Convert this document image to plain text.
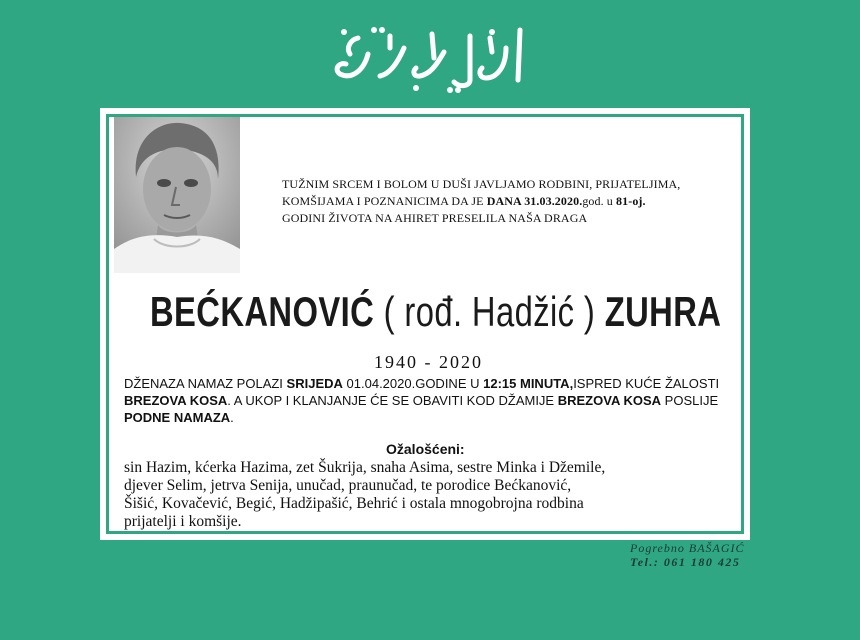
TUŽNIM SRCEM I BOLOM U DUŠI JAVLJAMO RODBINI, PRIJATELJIMA,
KOMŠIJAMA I POZNANICIMA DA JE DANA 31.03.2020.god. u 81-oj.
GODINI ŽIVOTA NA AHIRET PRESELILA NAŠA DRAGA
BEĆKANOVIĆ ( rođ. Hadžić ) ZUHRA
1940 - 2020
DŽENAZA NAMAZ POLAZI SRIJEDA 01.04.2020.GODINE U 12:15 MINUTA,ISPRED KUĆE ŽALOSTI BREZOVA KOSA. A UKOP I KLANJANJE ĆE SE OBAVITI KOD DŽAMIJE BREZOVA KOSA POSLIJE PODNE NAMAZA.
Ožalošćeni:
sin Hazim, kćerka Hazima, zet Šukrija, snaha Asima, sestre Minka i Džemile,
djever Selim, jetrva Senija, unučad, praunučad, te porodice Bećkanović,
Šišić, Kovačević, Begić, Hadžipašić, Behrić i ostala mnogobrojna rodbina
prijatelji i komšije.
Pogrebno BAŠAGIĆ
Tel.: 061 180 425
